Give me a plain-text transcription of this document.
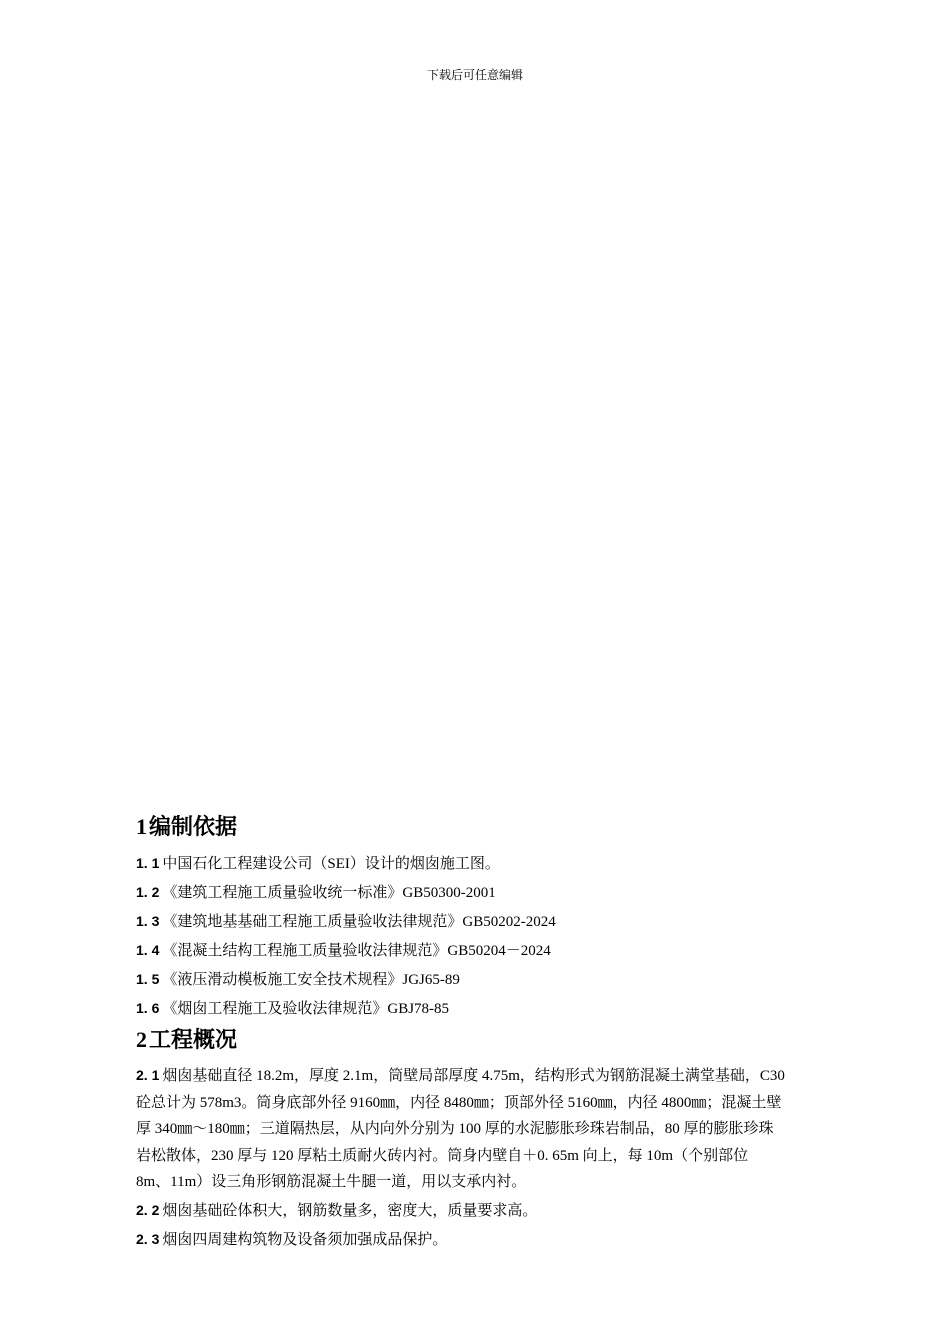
下载后可任意编辑
1 编制依据
1. 1 中国石化工程建设公司（SEI）设计的烟囱施工图。
1. 2 《建筑工程施工质量验收统一标准》GB50300-2001
1. 3 《建筑地基基础工程施工质量验收法律规范》GB50202-2024
1. 4 《混凝土结构工程施工质量验收法律规范》GB50204－2024
1. 5 《液压滑动模板施工安全技术规程》JGJ65-89
1. 6 《烟囱工程施工及验收法律规范》GBJ78-85
2 工程概况
2. 1 烟囱基础直径 18.2m，厚度 2.1m，筒壁局部厚度 4.75m，结构形式为钢筋混凝土满堂基础，C30
砼总计为 578m3。筒身底部外径 9160㎜，内径 8480㎜；顶部外径 5160㎜，内径 4800㎜；混凝土壁
厚 340㎜～180㎜；三道隔热层，从内向外分别为 100 厚的水泥膨胀珍珠岩制品，80 厚的膨胀珍珠
岩松散体，230 厚与 120 厚粘土质耐火砖内衬。筒身内壁自＋0. 65m 向上，每 10m（个别部位
8m、11m）设三角形钢筋混凝土牛腿一道，用以支承内衬。
2. 2 烟囱基础砼体积大，钢筋数量多，密度大，质量要求高。
2. 3 烟囱四周建构筑物及设备须加强成品保护。
